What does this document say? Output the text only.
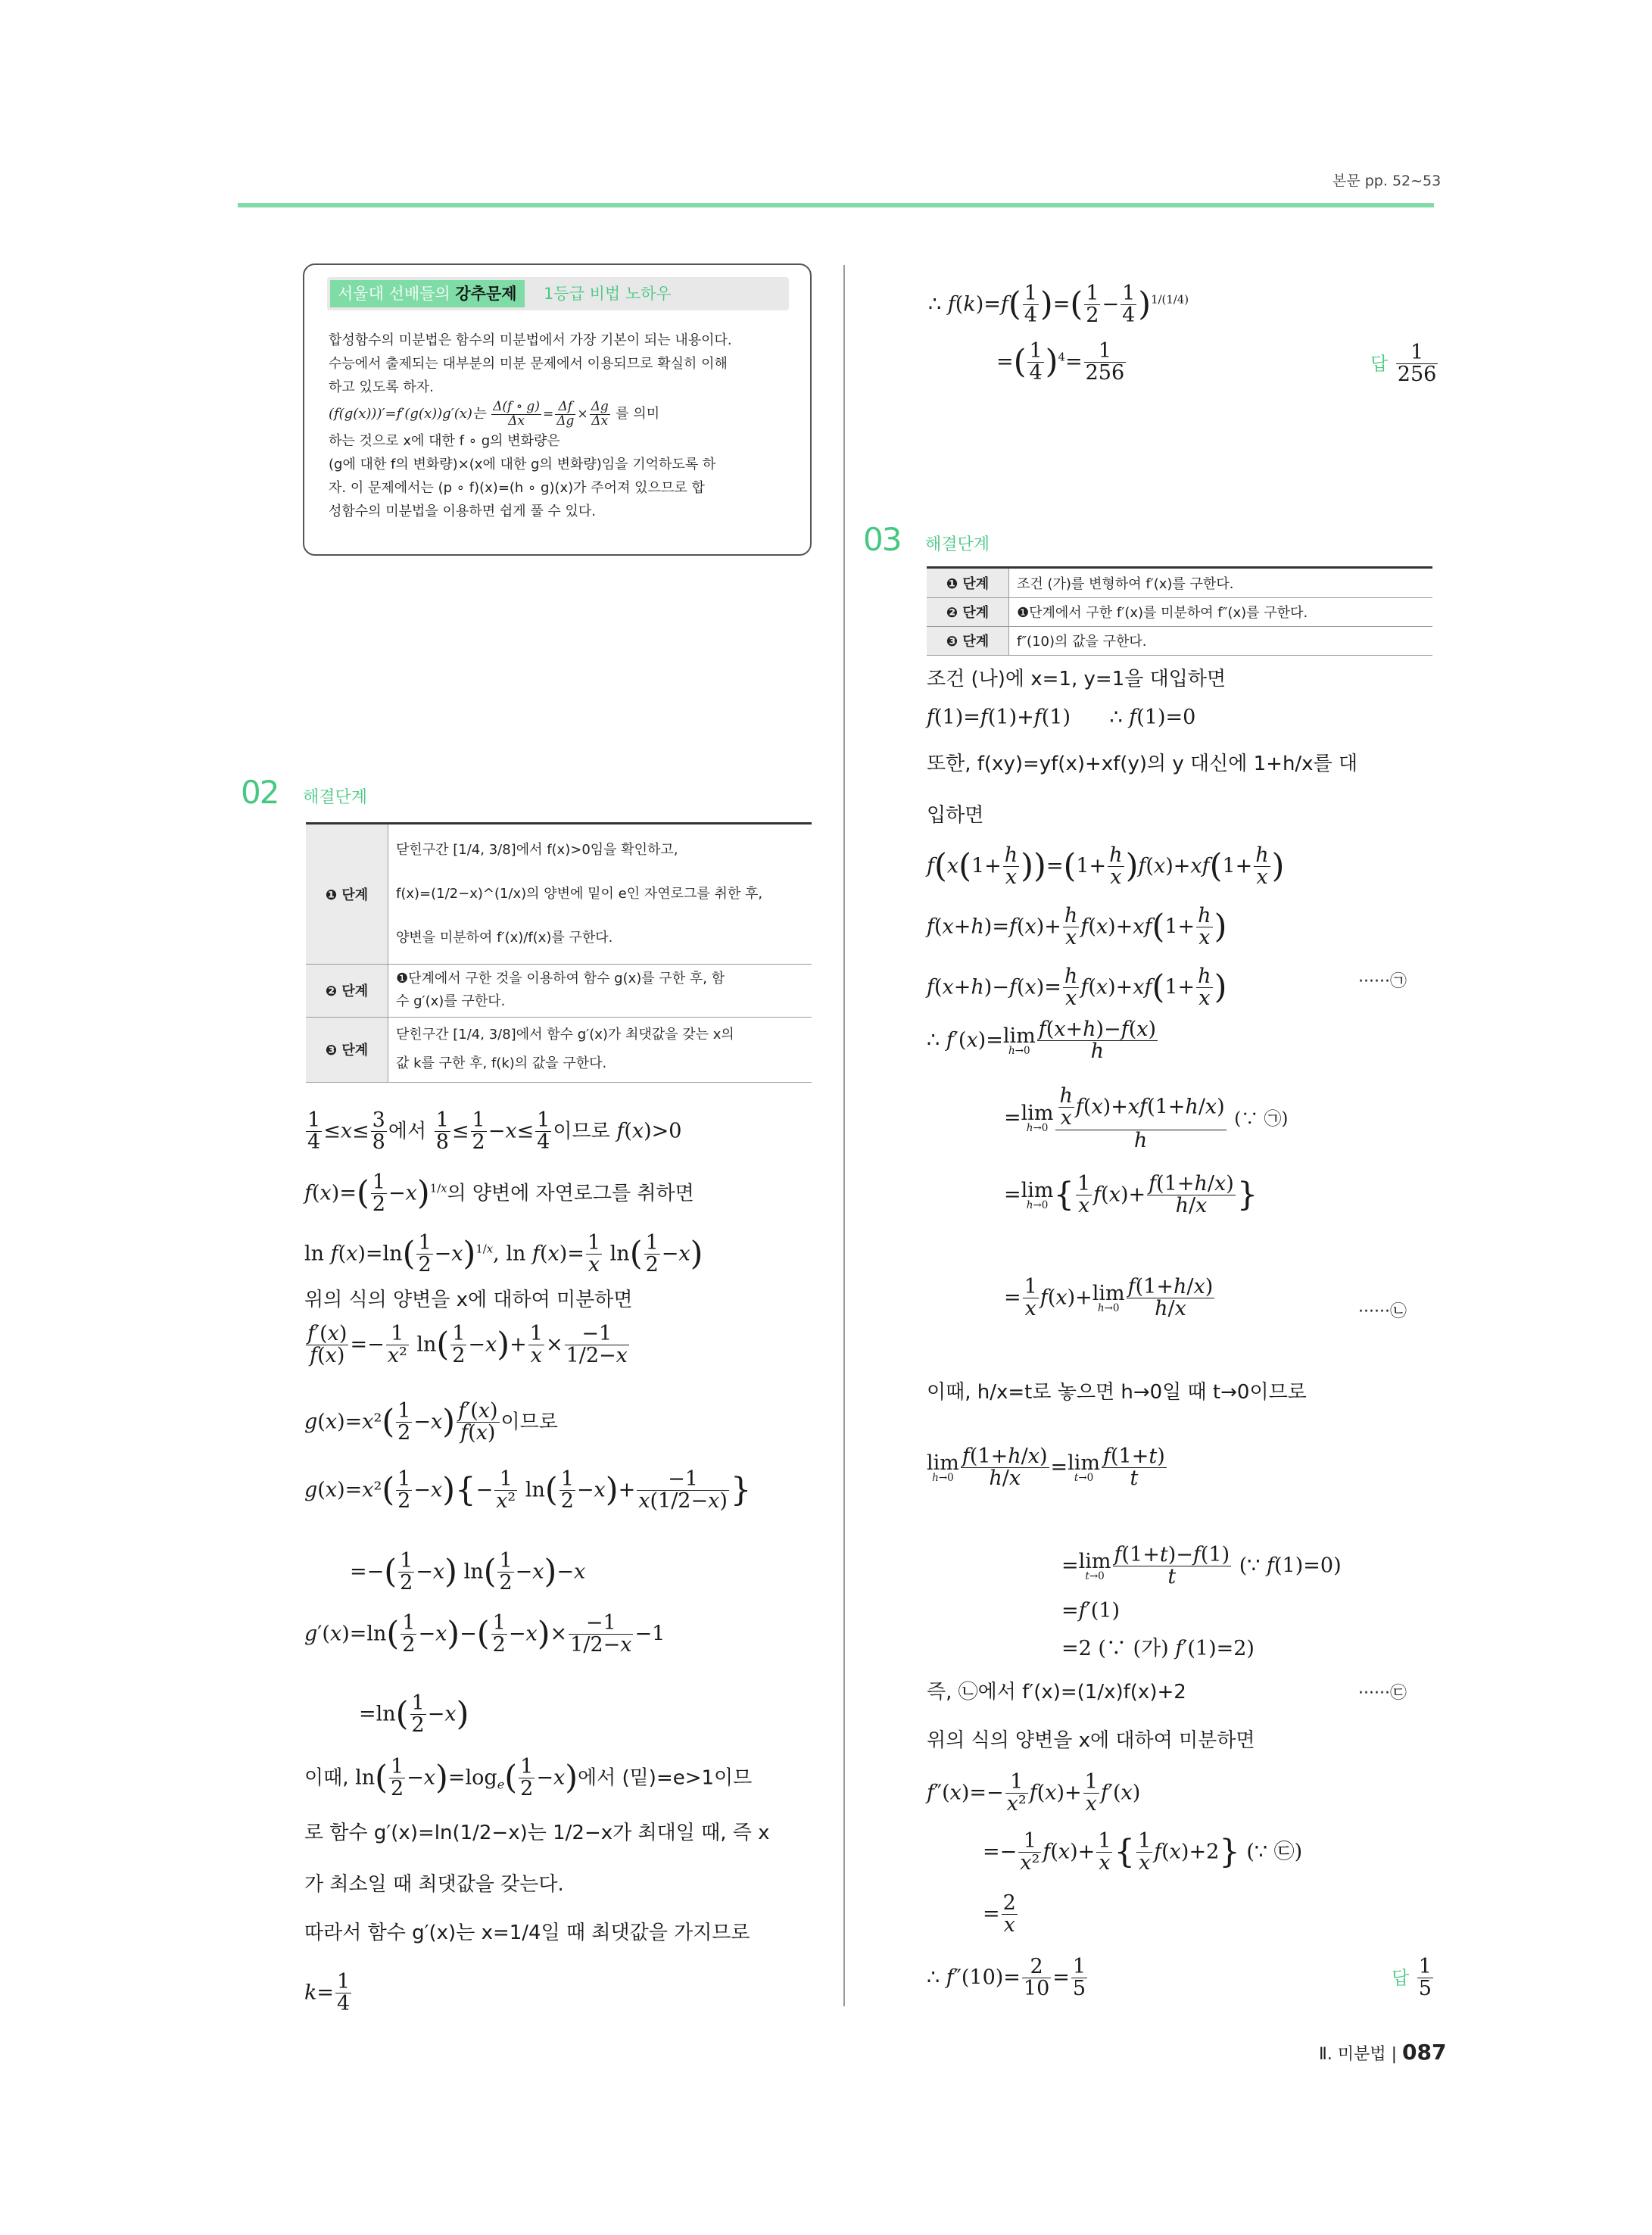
본문 pp. 52~53
서울대 선배들의 강추문제	1등급 비법 노하우
합성함수의 미분법은 함수의 미분법에서 가장 기본이 되는 내용이다.
수능에서 출제되는 대부분의 미분 문제에서 이용되므로 확실히 이해
하고 있도록 하자.
(f(g(x)))′=f′(g(x))g′(x)는 $\frac{\Delta(f \circ g)}{\Delta x} = \frac{\Delta f}{\Delta g} \times \frac{\Delta g}{\Delta x}$ 를 의미
하는 것으로 x에 대한 f ∘ g의 변화량은
(g에 대한 f의 변화량)×(x에 대한 g의 변화량)임을 기억하도록 하
자. 이 문제에서는 (p ∘ f)(x)=(h ∘ g)(x)가 주어져 있으므로 합
성함수의 미분법을 이용하면 쉽게 풀 수 있다.
02 해결단계
❶ 단계	닫힌구간 [1/4, 3/8]에서 f(x)>0임을 확인하고,
f(x)=(1/2−x)^(1/x)의 양변에 밑이 e인 자연로그를 취한 후,
양변을 미분하여 f′(x)/f(x)를 구한다.

❷ 단계	❶단계에서 구한 것을 이용하여 함수 g(x)를 구한 후, 함
수 g′(x)를 구한다.

❸ 단계	닫힌구간 [1/4, 3/8]에서 함수 g′(x)가 최댓값을 갖는 x의
값 k를 구한 후, f(k)의 값을 구한다.
$\frac{1}{4} \le x\le \frac{3}{8}$ 에서 $\frac{1}{8} \le \frac{1}{2} -x\le \frac{1}{4}$ 이므로 f(x)>0
$f(x)=( \frac{1}{2} -x)^{1/x}$의 양변에 자연로그를 취하면
$\ln f(x)=\ln( \frac{1}{2} -x)^{1/x}$, $\ln f(x)= \frac{1}{x} \ln( \frac{1}{2} -x)$
위의 식의 양변을 x에 대하여 미분하면
$\frac{f'(x)}{f(x)} =- \frac{1}{\text{x²}} \ln( \frac{1}{2} -x)+ \frac{1}{x} \times \frac{-1}{1/2-x}$
$g(x)=x^2( \frac{1}{2} -x) \frac{f'(x)}{f(x)}$ 이므로
$g(x)=x^2( \frac{1}{2} -x)\{- \frac{1}{\text{x²}} \ln( \frac{1}{2} -x)+ \frac{-1}{x(1/2-x)}$ }
=−( $\frac{1}{2} -x$) $\ln( \frac{1}{2} -x)-x$
$g'(x)=\ln( \frac{1}{2} -x)-( \frac{1}{2} -x)\times \frac{-1}{1/2-x} -1$
$=\ln( \frac{1}{2} -x)$
이때, $\ln( \frac{1}{2} -x)=\log_e( \frac{1}{2} -x)$에서 (밑)=e>1이므
로 함수 g′(x)=ln(1/2−x)는 1/2−x가 최대일 때, 즉 x
가 최소일 때 최댓값을 갖는다.
따라서 함수 g′(x)는 x=1/4일 때 최댓값을 가지므로
$k= \frac{1}{4}$
∴ $f(k)=f( \frac{1}{4}$ )=( $\frac{1}{2} - \frac{1}{4} )^{1/(1/4)}$
=( $\frac{1}{4} )^4= \frac{1}{256}$	답 $\frac{1}{256}$
03 해결단계
❶ 단계	조건 (가)를 변형하여 f′(x)를 구한다.
❷ 단계	❶단계에서 구한 f′(x)를 미분하여 f″(x)를 구한다.
❸ 단계	f″(10)의 값을 구한다.
조건 (나)에 x=1, y=1을 대입하면
f(1)=f(1)+f(1)      ∴ f(1)=0
또한, f(xy)=yf(x)+xf(y)의 y 대신에 1+h/x를 대
입하면
$f(x(1+ \frac{h}{x} ))=(1+ \frac{h}{x} )f(x)+xf(1+ \frac{h}{x}$ )
$f(x+h)=f(x)+ \frac{h}{x} f(x)+xf(1+ \frac{h}{x}$ )
$f(x+h)-f(x)= \frac{h}{x} f(x)+xf(1+ \frac{h}{x}$ )	······㉠
∴ f′(x)=lim
$h\to 0 \frac{f(x+h)-f(x)}{h}$
=lim
$h\to 0 \frac{h}{x} f(x)+xf(1+h/x)$
h
(∵ ㉠)
=lim
h→0 { $\frac{1}{x} f(x)+ \frac{f(1+h/x)}{h/x}$ }
= $\frac{1}{x} f(x)+\lim$
$h\to 0 \frac{f(1+h/x)}{h/x}$	······㉡
이때, h/x=t로 놓으면 h→0일 때 t→0이므로
lim
$h\to 0 \frac{f(1+h/x)}{h/x} =\lim$
$t\to 0 \frac{f(1+t)}{t}$
=lim
$t\to 0 \frac{f(1+t)-f(1)}{t}$ (∵ f(1)=0)
=f′(1)
=2 (∵ (가) f′(1)=2)
즉, ㉡에서 f′(x)=(1/x)f(x)+2	······㉢
위의 식의 양변을 x에 대하여 미분하면
$f''(x)=- \frac{1}{\text{x²}} f(x)+ \frac{1}{x} f'(x)$
=− $\frac{1}{\text{x²}} f(x)+ \frac{1}{x}$ { $\frac{1}{x} f(x)+2$} (∵ ㉢)
= $\frac{2}{x}$
∴ $f''(10)= \frac{2}{10} = \frac{1}{5}$	답 $\frac{1}{5}$
Ⅱ. 미분법 | 087
